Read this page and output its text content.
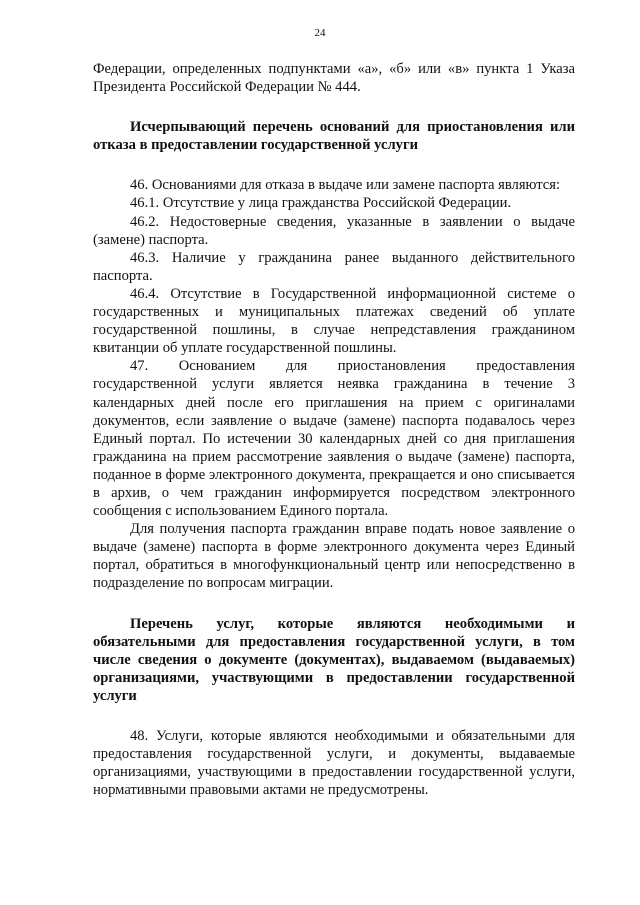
24

Федерации, определенных подпунктами «а», «б» или «в» пункта 1 Указа Президента Российской Федерации № 444.

Исчерпывающий перечень оснований для приостановления или отказа в предоставлении государственной услуги

46. Основаниями для отказа в выдаче или замене паспорта являются:

46.1. Отсутствие у лица гражданства Российской Федерации.

46.2. Недостоверные сведения, указанные в заявлении о выдаче (замене) паспорта.

46.3. Наличие у гражданина ранее выданного действительного паспорта.

46.4. Отсутствие в Государственной информационной системе о государственных и муниципальных платежах сведений об уплате государственной пошлины, в случае непредставления гражданином квитанции об уплате государственной пошлины.

47. Основанием для приостановления предоставления государственной услуги является неявка гражданина в течение 3 календарных дней после его приглашения на прием с оригиналами документов, если заявление о выдаче (замене) паспорта подавалось через Единый портал. По истечении 30 календарных дней со дня приглашения гражданина на прием рассмотрение заявления о выдаче (замене) паспорта, поданное в форме электронного документа, прекращается и оно списывается в архив, о чем гражданин информируется посредством электронного сообщения с использованием Единого портала.

Для получения паспорта гражданин вправе подать новое заявление о выдаче (замене) паспорта в форме электронного документа через Единый портал, обратиться в многофункциональный центр или непосредственно в подразделение по вопросам миграции.

Перечень услуг, которые являются необходимыми и обязательными для предоставления государственной услуги, в том числе сведения о документе (документах), выдаваемом (выдаваемых) организациями, участвующими в предоставлении государственной услуги

48. Услуги, которые являются необходимыми и обязательными для предоставления государственной услуги, и документы, выдаваемые организациями, участвующими в предоставлении государственной услуги, нормативными правовыми актами не предусмотрены.
